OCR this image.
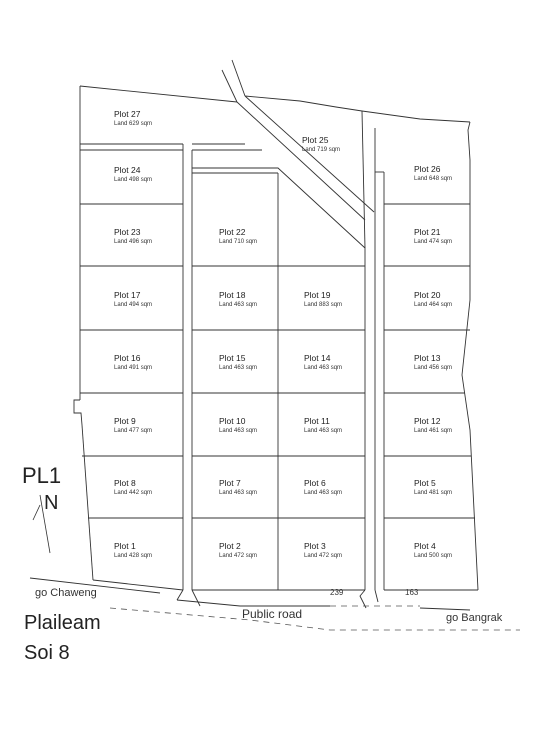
Plot 27
Land 629 sqm
Plot 25
Land 719 sqm
Plot 26
Land 648 sqm
Plot 24
Land 498 sqm
Plot 23
Land 496 sqm
Plot 22
Land 710 sqm
Plot 21
Land 474 sqm
Plot 17
Land 494 sqm
Plot 18
Land 463 sqm
Plot 19
Land 883 sqm
Plot 20
Land 464 sqm
Plot 16
Land 491 sqm
Plot 15
Land 463 sqm
Plot 14
Land 463 sqm
Plot 13
Land 456 sqm
Plot 9
Land 477 sqm
Plot 10
Land 463 sqm
Plot 11
Land 463 sqm
Plot 12
Land 461 sqm
Plot 8
Land 442 sqm
Plot 7
Land 463 sqm
Plot 6
Land 463 sqm
Plot 5
Land 481 sqm
Plot 1
Land 428 sqm
Plot 2
Land 472 sqm
Plot 3
Land 472 sqm
Plot 4
Land 500 sqm
PL1
N
go Chaweng
Public road	go Bangrak
Plaileam
Soi 8
239	163
